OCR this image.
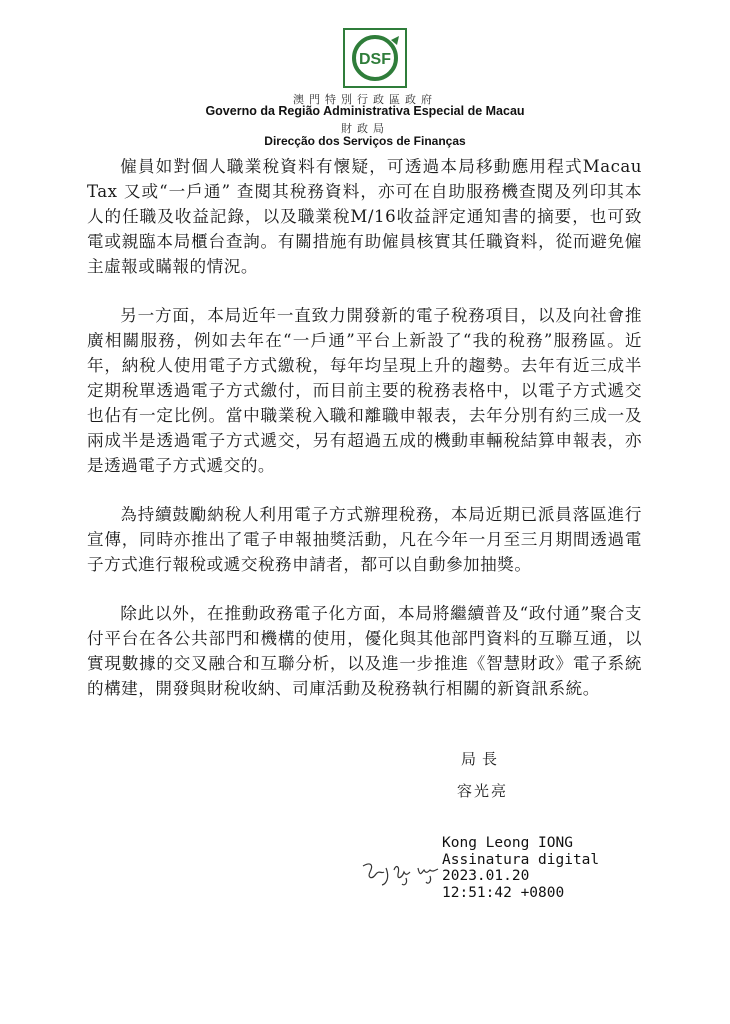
DSF
澳門特別行政區政府
Governo da Região Administrativa Especial de Macau
財政局
Direcção dos Serviços de Finanças

僱員如對個人職業稅資料有懷疑，可透過本局移動應用程式Macau Tax 又或“一戶通” 查閱其稅務資料，亦可在自助服務機查閱及列印其本人的任職及收益記錄，以及職業稅M/16收益評定通知書的摘要，也可致電或親臨本局櫃台查詢。有關措施有助僱員核實其任職資料，從而避免僱主虛報或瞞報的情況。

另一方面，本局近年一直致力開發新的電子稅務項目，以及向社會推廣相關服務，例如去年在“一戶通”平台上新設了“我的稅務”服務區。近年，納稅人使用電子方式繳稅，每年均呈現上升的趨勢。去年有近三成半定期稅單透過電子方式繳付，而目前主要的稅務表格中，以電子方式遞交也佔有一定比例。當中職業稅入職和離職申報表，去年分別有約三成一及兩成半是透過電子方式遞交，另有超過五成的機動車輛稅結算申報表，亦是透過電子方式遞交的。

為持續鼓勵納稅人利用電子方式辦理稅務，本局近期已派員落區進行宣傳，同時亦推出了電子申報抽獎活動，凡在今年一月至三月期間透過電子方式進行報稅或遞交稅務申請者，都可以自動參加抽獎。

除此以外，在推動政務電子化方面，本局將繼續普及“政付通”聚合支付平台在各公共部門和機構的使用，優化與其他部門資料的互聯互通，以實現數據的交叉融合和互聯分析，以及進一步推進《智慧財政》電子系統的構建，開發與財稅收納、司庫活動及稅務執行相關的新資訊系統。

局長
容光亮
Kong Leong IONG
Assinatura digital
2023.01.20
12:51:42 +0800
